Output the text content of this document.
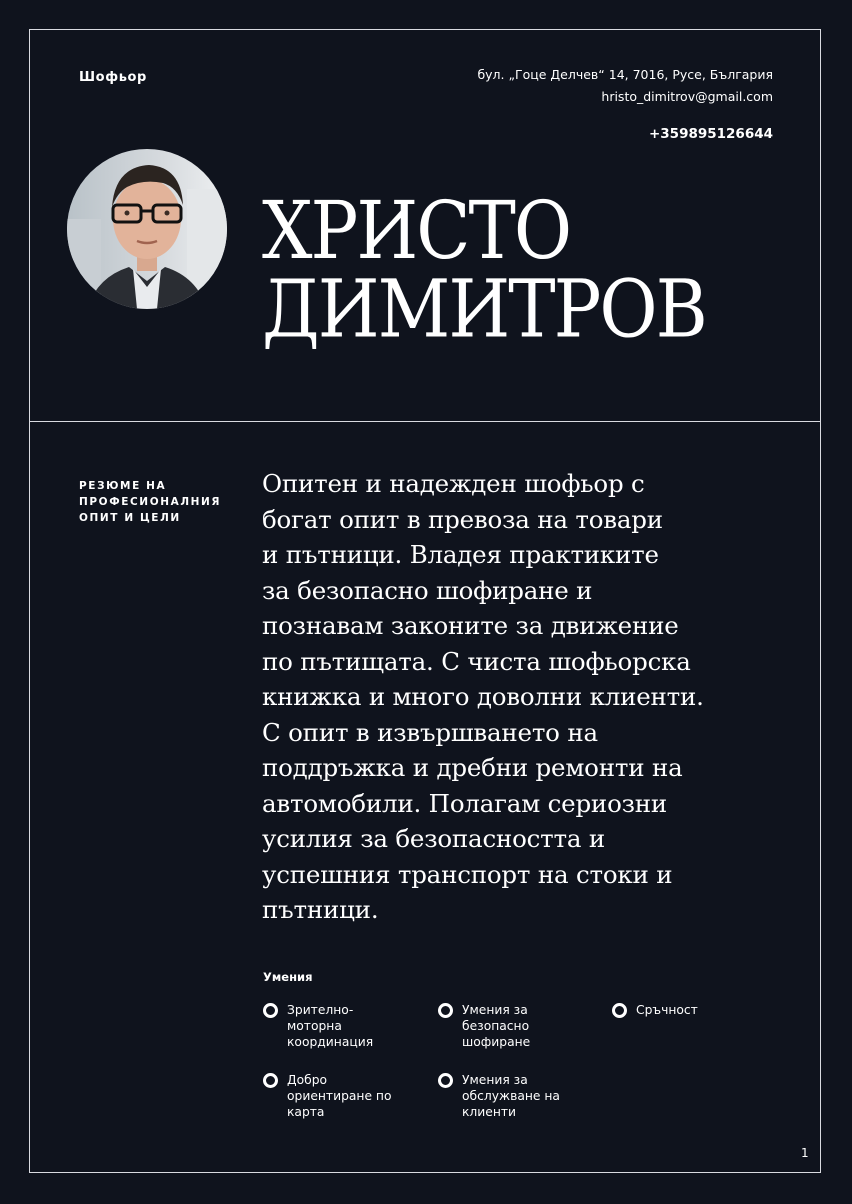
Шофьор	бул. „Гоце Делчев“ 14, 7016, Русе, България
hristo_dimitrov@gmail.com
+359895126644
ХРИСТО
ДИМИТРОВ
РЕЗЮМЕ НА ПРОФЕСИОНАЛНИЯ ОПИТ И ЦЕЛИ
Опитен и надежден шофьор с
богат опит в превоза на товари
и пътници. Владея практиките
за безопасно шофиране и
познавам законите за движение
по пътищата. С чиста шофьорска
книжка и много доволни клиенти.
С опит в извършването на
поддръжка и дребни ремонти на
автомобили. Полагам сериозни
усилия за безопасността и
успешния транспорт на стоки и
пътници.
Умения
Зрително-моторна координация
Умения за безопасно шофиране
Сръчност
Добро ориентиране по карта
Умения за обслужване на клиенти
1
